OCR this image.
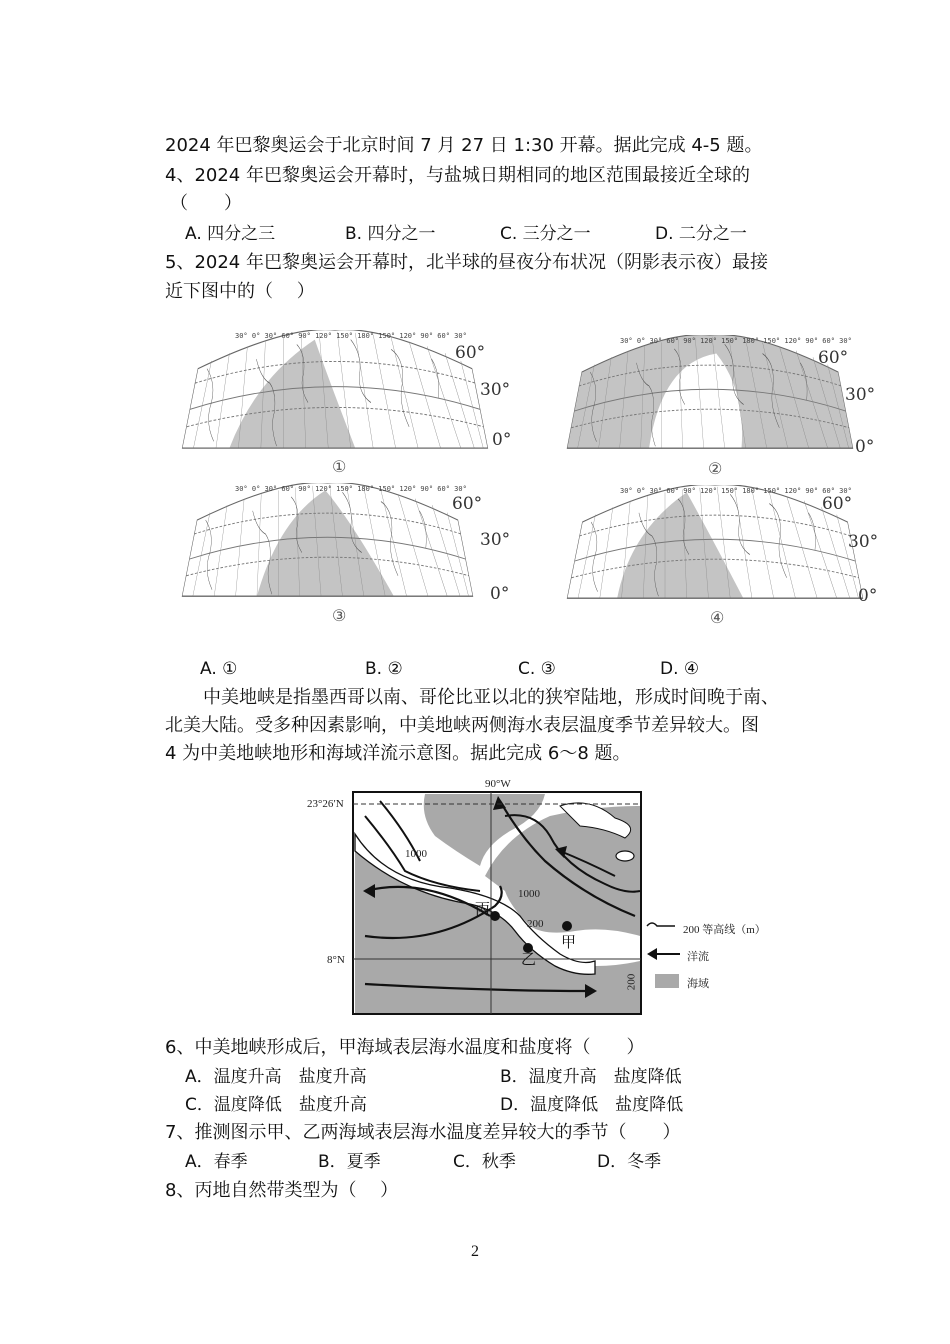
2024 年巴黎奥运会于北京时间 7 月 27 日 1:30 开幕。据此完成 4-5 题。
4、2024 年巴黎奥运会开幕时，与盐城日期相同的地区范围最接近全球的
（　　）
A. 四分之三	B. 四分之一	C. 三分之一	D. 二分之一
5、2024 年巴黎奥运会开幕时，北半球的昼夜分布状况（阴影表示夜）最接
近下图中的（　 ）
30° 0° 30° 60° 90° 120° 150° 180° 150° 120° 90° 60° 30°
60°
30°
0°
①
30° 0° 30° 60° 90° 120° 150° 180° 150° 120° 90° 60° 30°
60°
30°
0°
②
30° 0° 30° 60° 90° 120° 150° 180° 150° 120° 90° 60° 30°
60°
30°
0°
③
30° 0° 30° 60° 90° 120° 150° 180° 150° 120° 90° 60° 30°
60°
30°
0°
④
A. ①	B. ②	C. ③	D. ④
中美地峡是指墨西哥以南、哥伦比亚以北的狭窄陆地，形成时间晚于南、
北美大陆。受多种因素影响，中美地峡两侧海水表层温度季节差异较大。图
4 为中美地峡地形和海域洋流示意图。据此完成 6～8 题。
90°W
23°26′N
8°N
1000
1000
200
200
丙
甲
乙
200 等高线（m）
洋流
海域
6、中美地峡形成后，甲海域表层海水温度和盐度将（　　）
A．温度升高　盐度升高	B．温度升高　盐度降低
C．温度降低　盐度升高	D．温度降低　盐度降低
7、推测图示甲、乙两海域表层海水温度差异较大的季节（　　）
A．春季	B．夏季	C．秋季	D．冬季
8、丙地自然带类型为（　 ）
2
